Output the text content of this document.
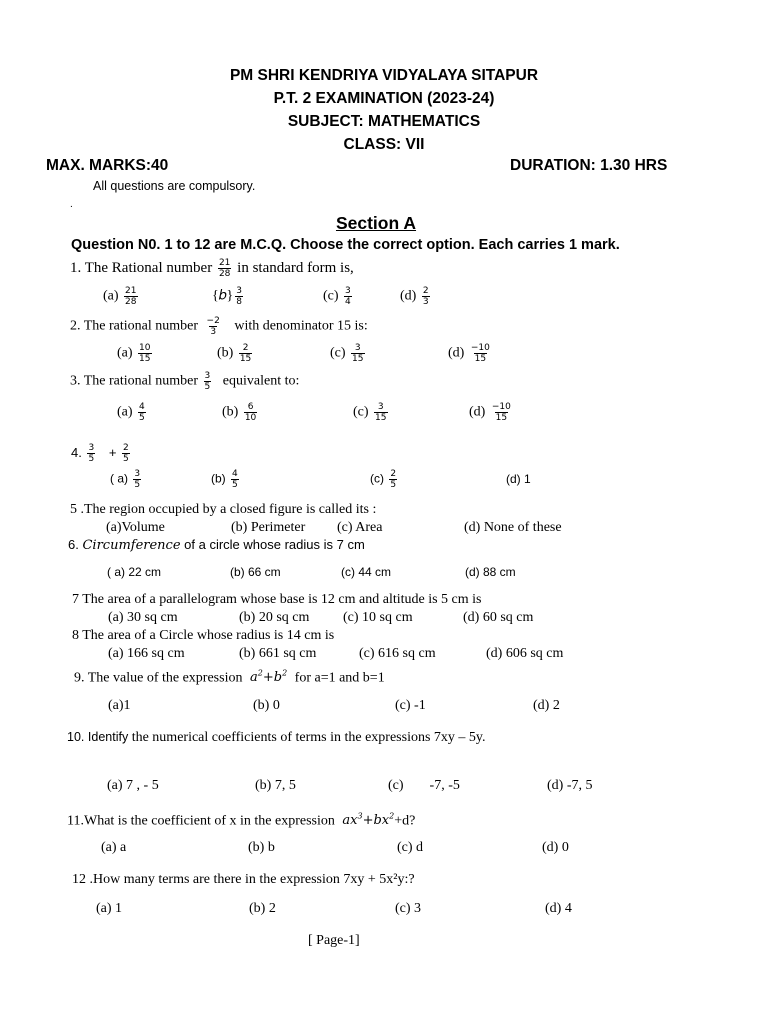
PM SHRI KENDRIYA VIDYALAYA SITAPUR
P.T. 2 EXAMINATION (2023-24)
SUBJECT: MATHEMATICS
CLASS: VII
MAX. MARKS:40	DURATION: 1.30 HRS
All questions are compulsory.
.
Section A
Question N0. 1 to 12 are M.C.Q. Choose the correct option. Each carries 1 mark.
1. The Rational number $\frac{21}{28}$ in standard form is,
$(a) \frac{21}{28}$	{𝑏} $\frac{3}{8}$	$(c) \frac{3}{4}$	$(d) \frac{2}{3}$
2. The rational number $\frac{-2}{3}$ with denominator 15 is:
$(a) \frac{10}{15}$	$(b) \frac{2}{15}$	$(c) \frac{3}{15}$	$(d) \frac{-10}{15}$
3. The rational number $\frac{3}{5}$ equivalent to:
$(a) \frac{4}{5}$	$(b) \frac{6}{10}$	$(c) \frac{3}{15}$	$(d) \frac{-10}{15}$
4. $\frac{3}{5} + \frac{2}{5}$
( $a) \frac{3}{5}$	$(b) \frac{4}{5}$	$(c) \frac{2}{5}$	(d) 1
5 .The region occupied by a closed figure is called its :
(a)Volume	(b) Perimeter (c) Area	(d) None of these
6. Circumference of a circle whose radius is 7 cm
( a) 22 cm	(b) 66 cm	(c) 44 cm	(d) 88 cm
7 The area of a parallelogram whose base is 12 cm and altitude is 5 cm is
(a) 30 sq cm	(b) 20 sq cm (c) 10 sq cm	(d) 60 sq cm
8 The area of a Circle whose radius is 14 cm is
(a) 166 sq cm	(b) 661 sq cm	(c) 616 sq cm	(d) 606 sq cm
9. The value of the expression $a^2+b^2$ for a=1 and b=1
(a)1	(b) 0	(c) -1	(d) 2
10. Identify the numerical coefficients of terms in the expressions 7xy – 5y.
(a) 7 , - 5	(b) 7, 5	(c) -7, -5	(d) -7, 5
11.What is the coefficient of x in the expression $ax^3+bx^2+d$?
(a) a	(b) b	(c) d	(d) 0
12 .How many terms are there in the expression 7xy + 5x²y:?
(a) 1	(b) 2	(c) 3	(d) 4
[ Page-1]
